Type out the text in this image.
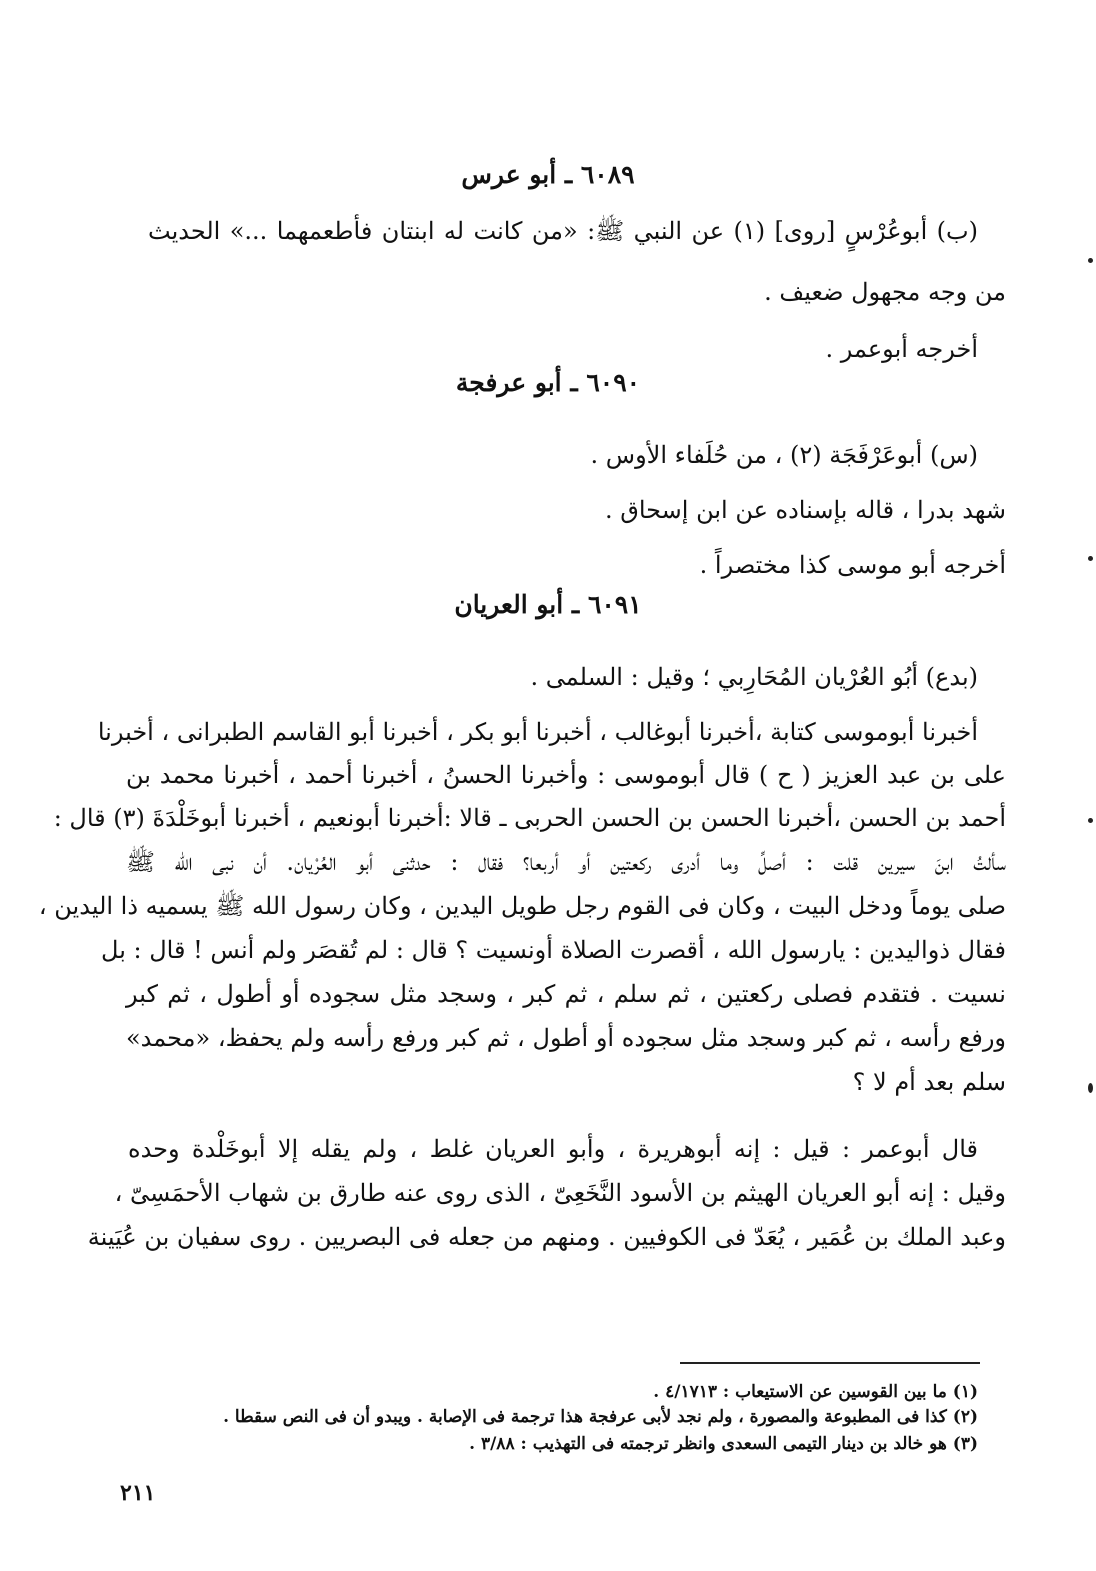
٦٠٨٩ ـ أبو عرس
(ب) أبوعُرْسٍ [روى] (١) عن النبي ﷺ: «من كانت له ابنتان فأطعمهما ...» الحديث
من وجه مجهول ضعيف .
أخرجه أبوعمر .
٦٠٩٠ ـ أبو عرفجة
(س) أبوعَرْفَجَة (٢) ، من حُلَفاء الأوس .
شهد بدرا ، قاله بإسناده عن ابن إسحاق .
أخرجه أبو موسى كذا مختصراً .
٦٠٩١ ـ أبو العريان
(بدع) أبُو العُرْيان المُحَارِبي ؛ وقيل : السلمى .
أخبرنا أبوموسى كتابة ،أخبرنا أبوغالب ، أخبرنا أبو بكر ، أخبرنا أبو القاسم الطبرانى ، أخبرنا
على بن عبد العزيز ( ح ) قال أبوموسى : وأخبرنا الحسنُ ، أخبرنا أحمد ، أخبرنا محمد بن
أحمد بن الحسن ،أخبرنا الحسن بن الحسن الحربى ـ قالا :أخبرنا أبونعيم ، أخبرنا أبوخَلْدَةَ (٣) قال :
سألتُ ابنَ سيرين قلت : أصلِّ وما أدرى ركعتين أو أربعا؟ فقال : حدثنى أبو العُرْيان. أن نبى الله ﷺ
صلى يوماً ودخل البيت ، وكان فى القوم رجل طويل اليدين ، وكان رسول الله ﷺ يسميه ذا اليدين ،
فقال ذواليدين : يارسول الله ، أقصرت الصلاة أونسيت ؟ قال : لم تُقصَر ولم أنس ! قال : بل
نسيت . فتقدم فصلى ركعتين ، ثم سلم ، ثم كبر ، وسجد مثل سجوده أو أطول ، ثم كبر
ورفع رأسه ، ثم كبر وسجد مثل سجوده أو أطول ، ثم كبر ورفع رأسه ولم يحفظ، «محمد»
سلم بعد أم لا ؟
قال أبوعمر : قيل : إنه أبوهريرة ، وأبو العريان غلط ، ولم يقله إلا أبوخَلْدة وحده
وقيل : إنه أبو العريان الهيثم بن الأسود النَّخَعِىّ ، الذى روى عنه طارق بن شهاب الأحمَسِىّ ،
وعبد الملك بن عُمَير ، يُعَدّ فى الكوفيين . ومنهم من جعله فى البصريين . روى سفيان بن عُيَينة
(١) ما بين القوسين عن الاستيعاب : ٤/١٧١٣ .
(٢) كذا فى المطبوعة والمصورة ، ولم نجد لأبى عرفجة هذا ترجمة فى الإصابة . ويبدو أن فى النص سقطا .
(٣) هو خالد بن دينار التيمى السعدى وانظر ترجمته فى التهذيب : ٣/٨٨ .
٢١١
